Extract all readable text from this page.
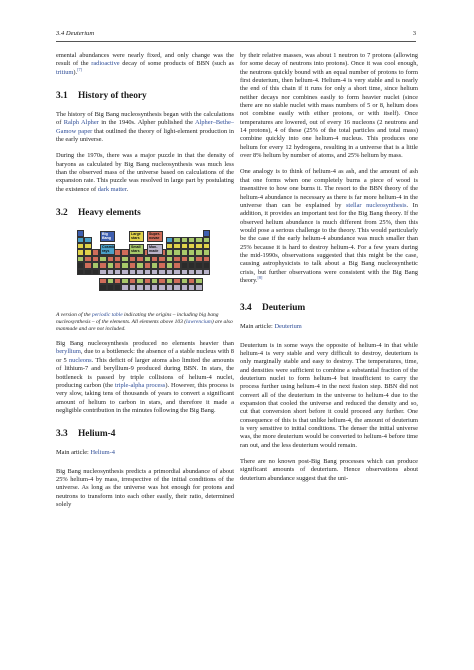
3.4 Deuterium	3

emental abundances were nearly fixed, and only change was the result of the radioactive decay of some products of BBN (such as tritium).[7]

3.1 History of theory

The history of Big Bang nucleosynthesis began with the calculations of Ralph Alpher in the 1940s. Alpher published the Alpher–Bethe–Gamow paper that outlined the theory of light-element production in the early universe.

During the 1970s, there was a major puzzle in that the density of baryons as calculated by Big Bang nucleosynthesis was much less than the observed mass of the universe based on calculations of the expansion rate. This puzzle was resolved in large part by postulating the existence of dark matter.

3.2 Heavy elements
Big Bang
Large stars
Super-novae
Cosmic rays
Small stars
Man-made

A version of the periodic table indicating the origins – including big bang nucleosynthesis – of the elements. All elements above 103 (lawrencium) are also manmade and are not included.

Big Bang nucleosynthesis produced no elements heavier than beryllium, due to a bottleneck: the absence of a stable nucleus with 8 or 5 nucleons. This deficit of larger atoms also limited the amounts of lithium-7 and beryllium-9 produced during BBN. In stars, the bottleneck is passed by triple collisions of helium-4 nuclei, producing carbon (the triple-alpha process). However, this process is very slow, taking tens of thousands of years to convert a significant amount of helium to carbon in stars, and therefore it made a negligible contribution in the minutes following the Big Bang.

3.3 Helium-4
Main article: Helium-4

Big Bang nucleosynthesis predicts a primordial abundance of about 25% helium-4 by mass, irrespective of the initial conditions of the universe. As long as the universe was hot enough for protons and neutrons to transform into each other easily, their ratio, determined solely

by their relative masses, was about 1 neutron to 7 protons (allowing for some decay of neutrons into protons). Once it was cool enough, the neutrons quickly bound with an equal number of protons to form first deuterium, then helium-4. Helium-4 is very stable and is nearly the end of this chain if it runs for only a short time, since helium neither decays nor combines easily to form heavier nuclei (since there are no stable nuclei with mass numbers of 5 or 8, helium does not combine easily with either protons, or with itself). Once temperatures are lowered, out of every 16 nucleons (2 neutrons and 14 protons), 4 of these (25% of the total particles and total mass) combine quickly into one helium-4 nucleus. This produces one helium for every 12 hydrogens, resulting in a universe that is a little over 8% helium by number of atoms, and 25% helium by mass.

One analogy is to think of helium-4 as ash, and the amount of ash that one forms when one completely burns a piece of wood is insensitive to how one burns it. The resort to the BBN theory of the helium-4 abundance is necessary as there is far more helium-4 in the universe than can be explained by stellar nucleosynthesis. In addition, it provides an important test for the Big Bang theory. If the observed helium abundance is much different from 25%, then this would pose a serious challenge to the theory. This would particularly be the case if the early helium-4 abundance was much smaller than 25% because it is hard to destroy helium-4. For a few years during the mid-1990s, observations suggested that this might be the case, causing astrophysicists to talk about a Big Bang nucleosynthetic crisis, but further observations were consistent with the Big Bang theory.[8]

3.4 Deuterium
Main article: Deuterium

Deuterium is in some ways the opposite of helium-4 in that while helium-4 is very stable and very difficult to destroy, deuterium is only marginally stable and easy to destroy. The temperatures, time, and densities were sufficient to combine a substantial fraction of the deuterium nuclei to form helium-4 but insufficient to carry the process further using helium-4 in the next fusion step. BBN did not convert all of the deuterium in the universe to helium-4 due to the expansion that cooled the universe and reduced the density and so, cut that conversion short before it could proceed any further. One consequence of this is that unlike helium-4, the amount of deuterium is very sensitive to initial conditions. The denser the initial universe was, the more deuterium would be converted to helium-4 before time ran out, and the less deuterium would remain.

There are no known post-Big Bang processes which can produce significant amounts of deuterium. Hence observations about deuterium abundance suggest that the uni-
